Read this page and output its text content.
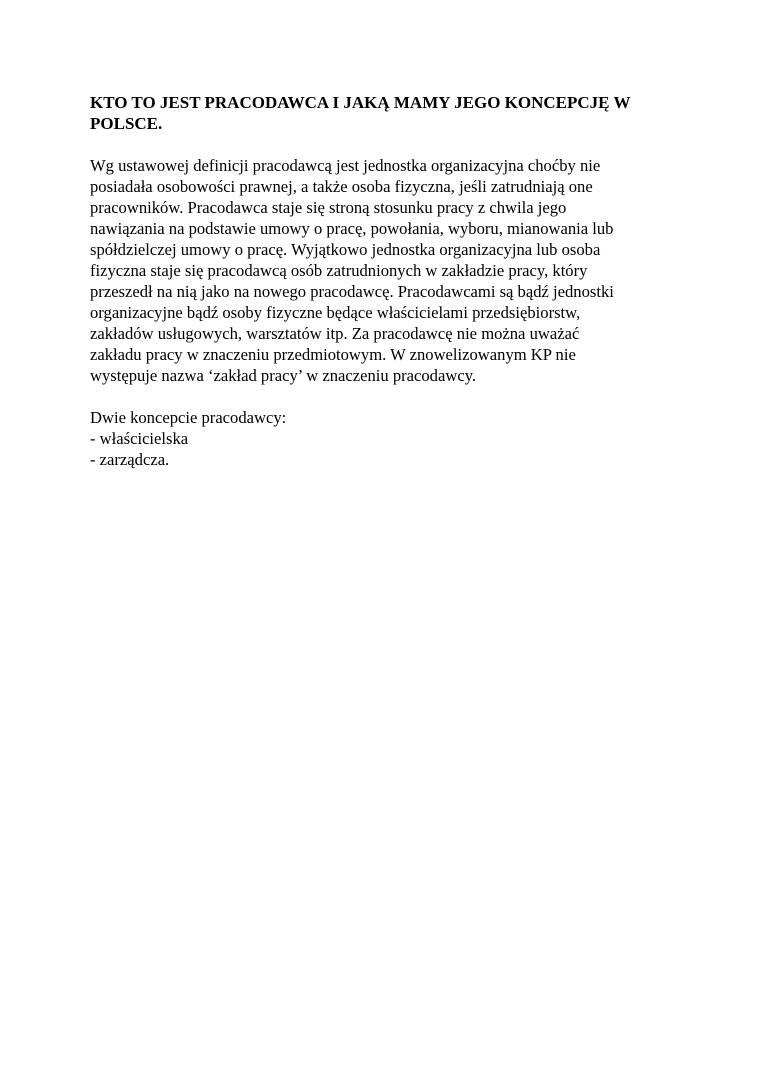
KTO TO JEST PRACODAWCA I JAKĄ MAMY JEGO KONCEPCJĘ W
POLSCE.

Wg ustawowej definicji pracodawcą jest jednostka organizacyjna choćby nie
posiadała osobowości prawnej, a także osoba fizyczna, jeśli zatrudniają one
pracowników. Pracodawca staje się stroną stosunku pracy z chwila jego
nawiązania na podstawie umowy o pracę, powołania, wyboru, mianowania lub
spółdzielczej umowy o pracę. Wyjątkowo jednostka organizacyjna lub osoba
fizyczna staje się pracodawcą osób zatrudnionych w zakładzie pracy, który
przeszedł na nią jako na nowego pracodawcę. Pracodawcami są bądź jednostki
organizacyjne bądź osoby fizyczne będące właścicielami przedsiębiorstw,
zakładów usługowych, warsztatów itp. Za pracodawcę nie można uważać
zakładu pracy w znaczeniu przedmiotowym. W znowelizowanym KP nie
występuje nazwa ‘zakład pracy’ w znaczeniu pracodawcy.

Dwie koncepcie pracodawcy:
- właścicielska
- zarządcza.
